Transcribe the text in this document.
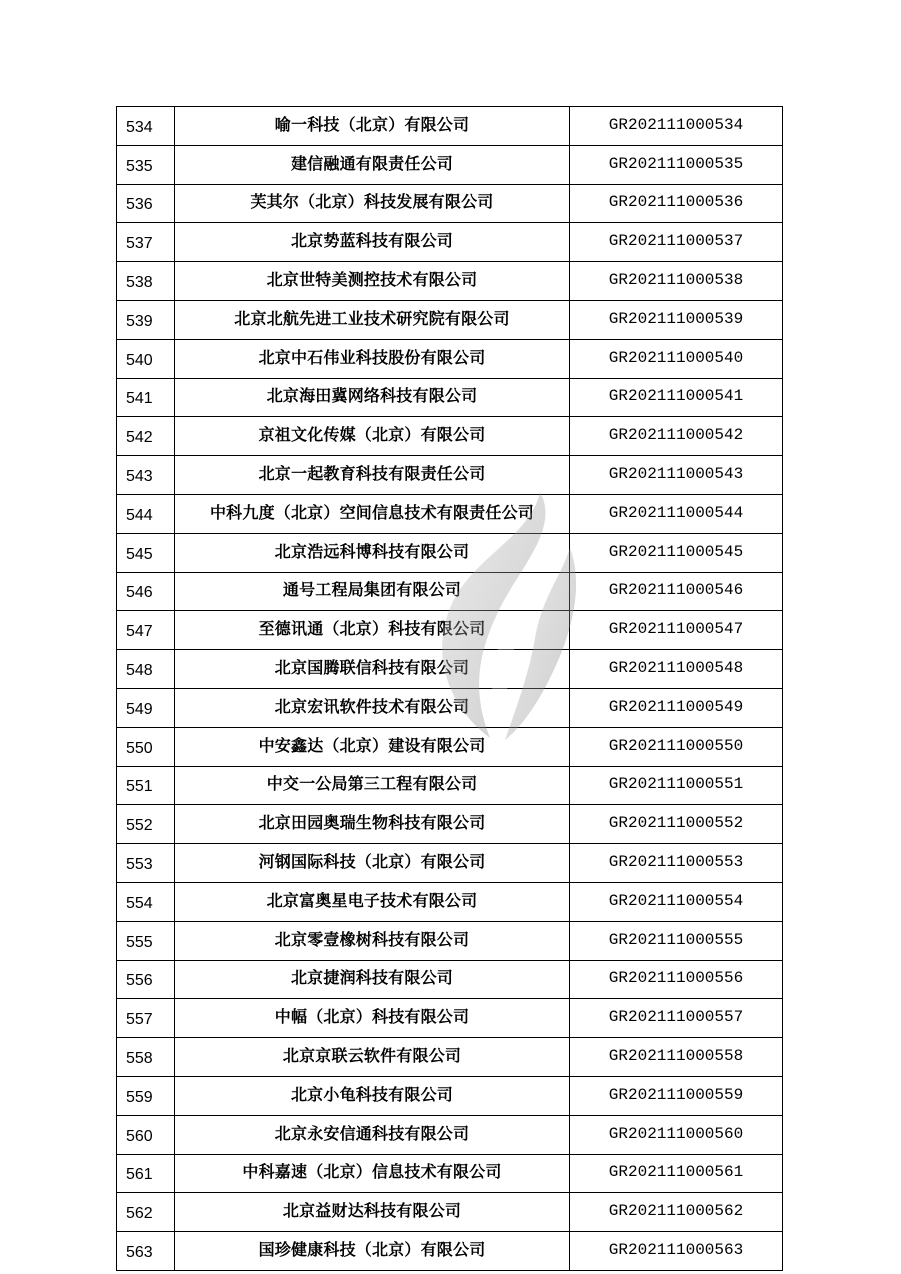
534	喻一科技（北京）有限公司	GR202111000534
535	建信融通有限责任公司	GR202111000535
536	芙其尔（北京）科技发展有限公司	GR202111000536
537	北京势蓝科技有限公司	GR202111000537
538	北京世特美测控技术有限公司	GR202111000538
539	北京北航先进工业技术研究院有限公司	GR202111000539
540	北京中石伟业科技股份有限公司	GR202111000540
541	北京海田冀网络科技有限公司	GR202111000541
542	京祖文化传媒（北京）有限公司	GR202111000542
543	北京一起教育科技有限责任公司	GR202111000543
544	中科九度（北京）空间信息技术有限责任公司	GR202111000544
545	北京浩远科博科技有限公司	GR202111000545
546	通号工程局集团有限公司	GR202111000546
547	至德讯通（北京）科技有限公司	GR202111000547
548	北京国腾联信科技有限公司	GR202111000548
549	北京宏讯软件技术有限公司	GR202111000549
550	中安鑫达（北京）建设有限公司	GR202111000550
551	中交一公局第三工程有限公司	GR202111000551
552	北京田园奥瑞生物科技有限公司	GR202111000552
553	河钢国际科技（北京）有限公司	GR202111000553
554	北京富奥星电子技术有限公司	GR202111000554
555	北京零壹橡树科技有限公司	GR202111000555
556	北京捷润科技有限公司	GR202111000556
557	中幅（北京）科技有限公司	GR202111000557
558	北京京联云软件有限公司	GR202111000558
559	北京小龟科技有限公司	GR202111000559
560	北京永安信通科技有限公司	GR202111000560
561	中科嘉速（北京）信息技术有限公司	GR202111000561
562	北京益财达科技有限公司	GR202111000562
563	国珍健康科技（北京）有限公司	GR202111000563
